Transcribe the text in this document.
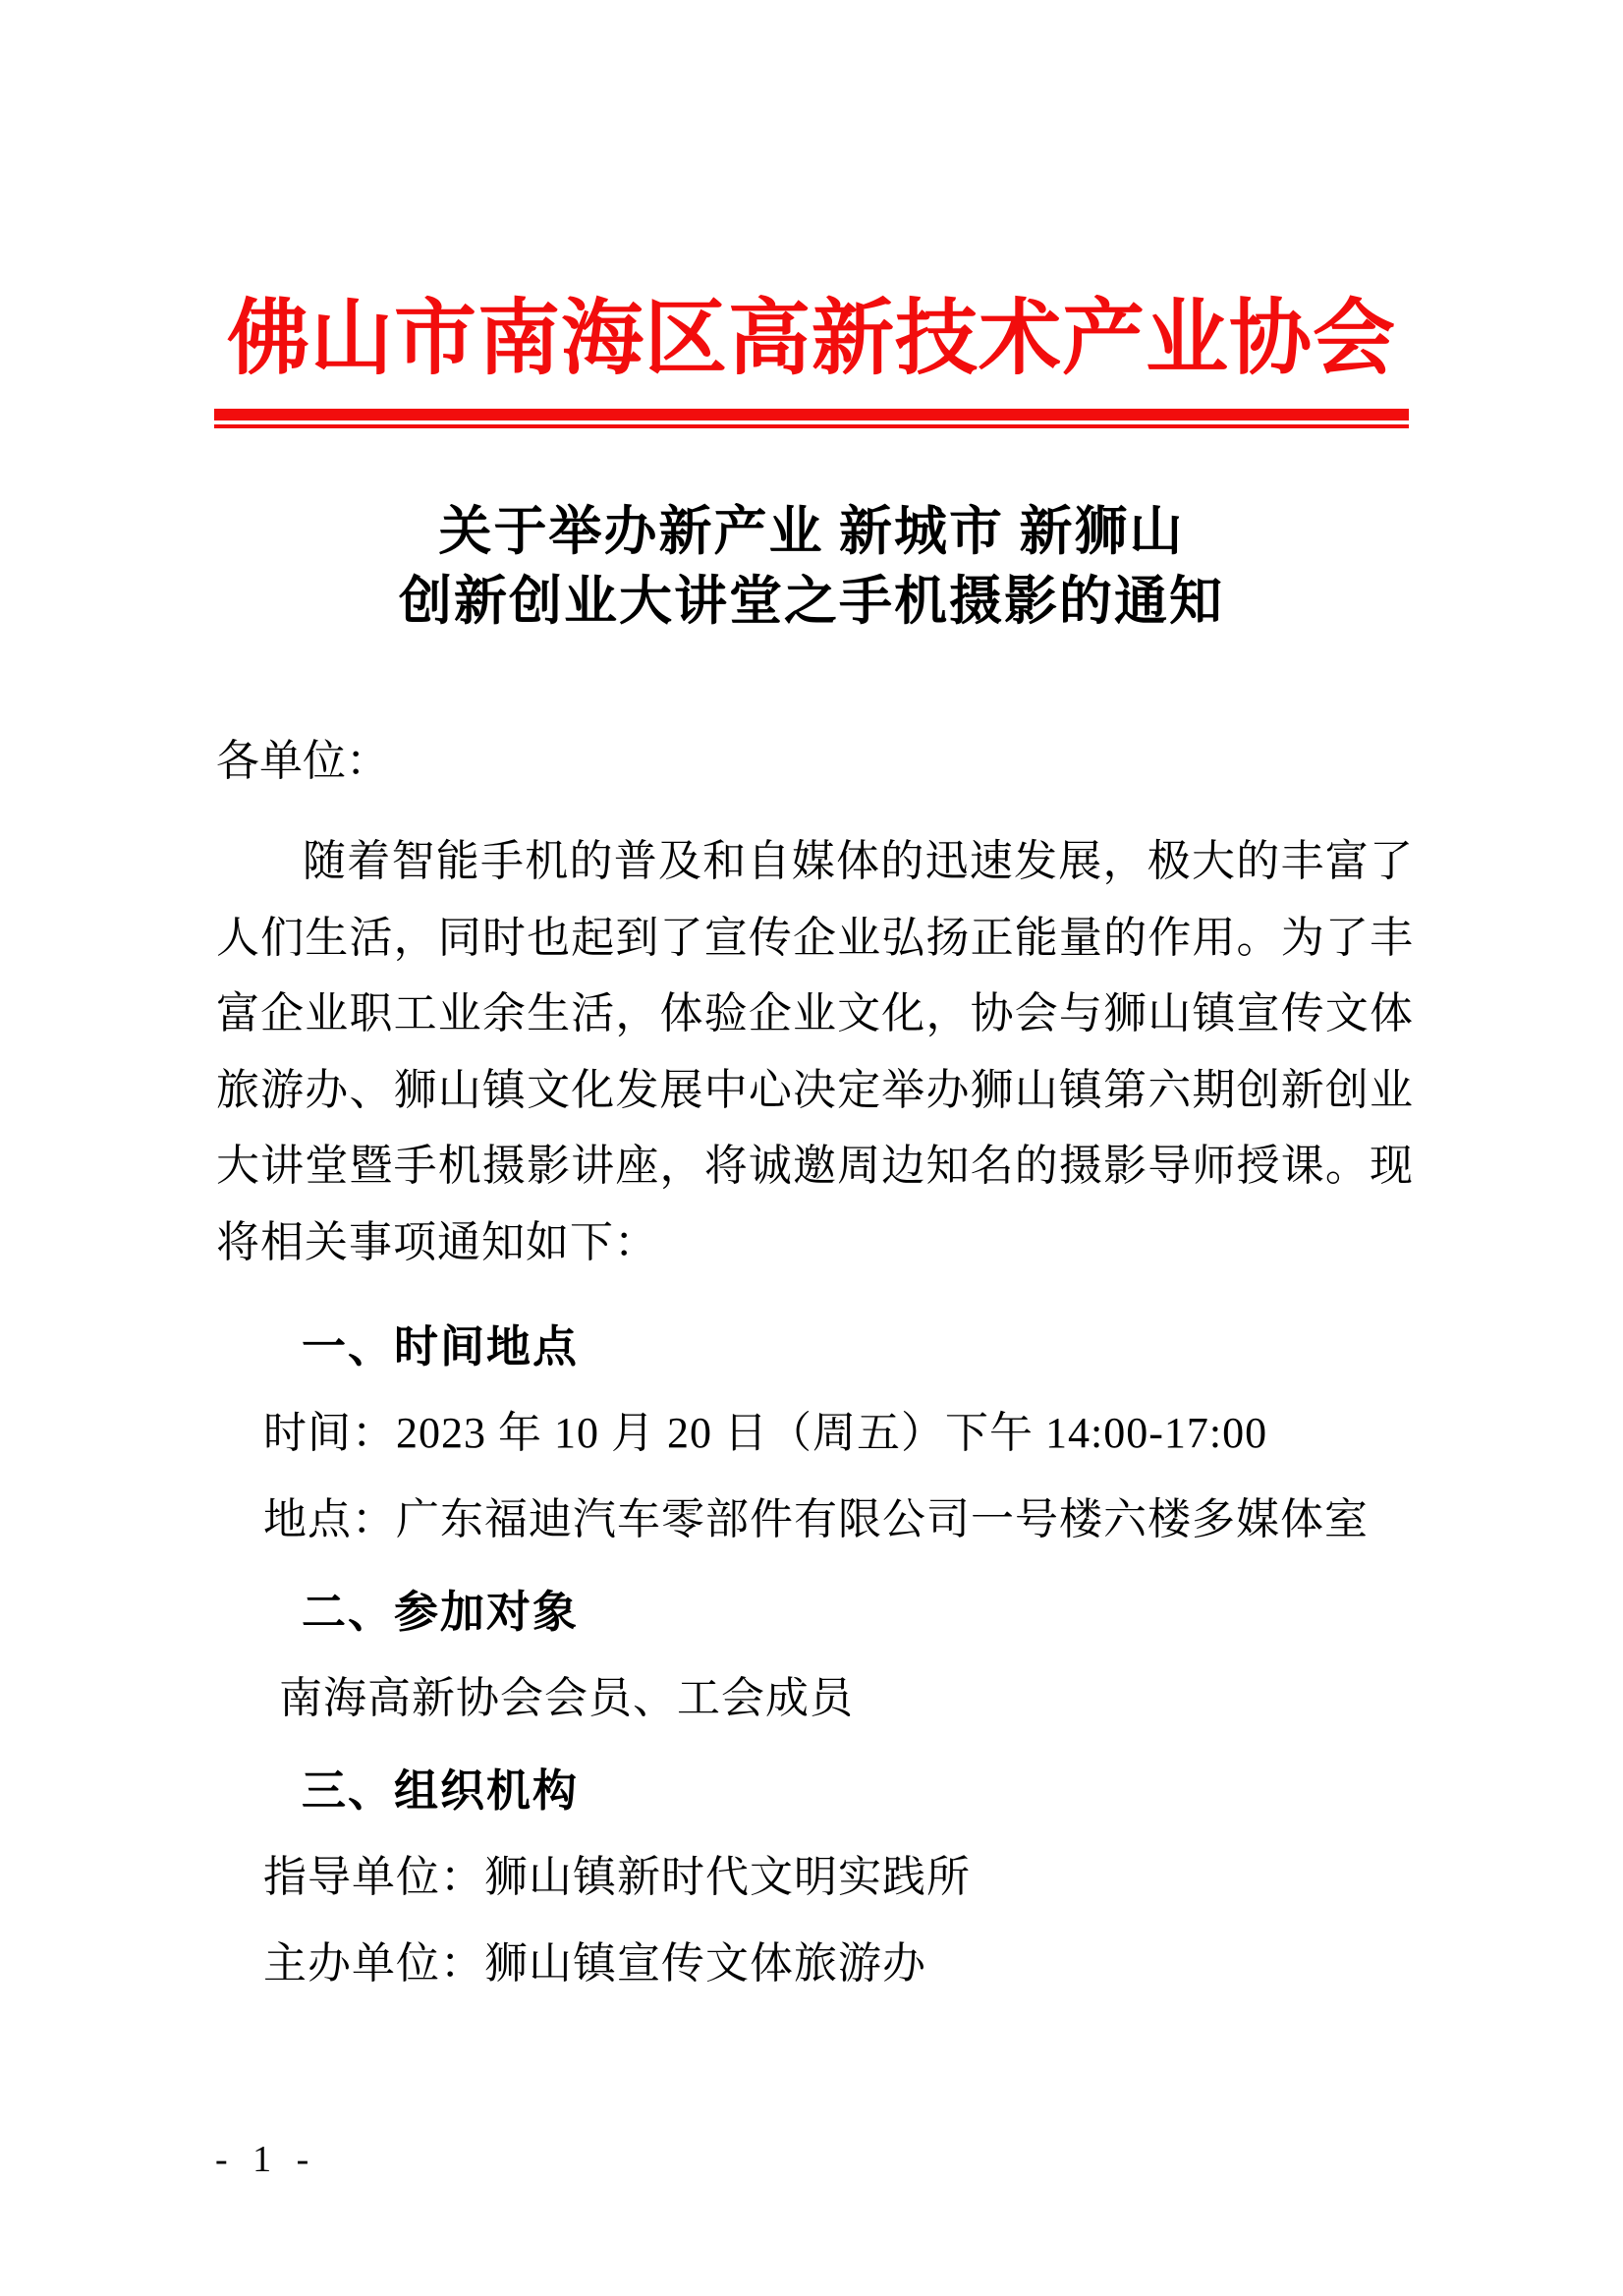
佛山市南海区高新技术产业协会
关于举办新产业 新城市 新狮山
创新创业大讲堂之手机摄影的通知

各单位：

随着智能手机的普及和自媒体的迅速发展，极大的丰富了人们生活，同时也起到了宣传企业弘扬正能量的作用。为了丰富企业职工业余生活，体验企业文化，协会与狮山镇宣传文体旅游办、狮山镇文化发展中心决定举办狮山镇第六期创新创业大讲堂暨手机摄影讲座，将诚邀周边知名的摄影导师授课。现将相关事项通知如下：

一、时间地点

时间：2023 年 10 月 20 日（周五）下午 14:00-17:00

地点：广东福迪汽车零部件有限公司一号楼六楼多媒体室

二、参加对象

南海高新协会会员、工会成员

三、组织机构

指导单位：狮山镇新时代文明实践所

主办单位：狮山镇宣传文体旅游办

- 1 -
